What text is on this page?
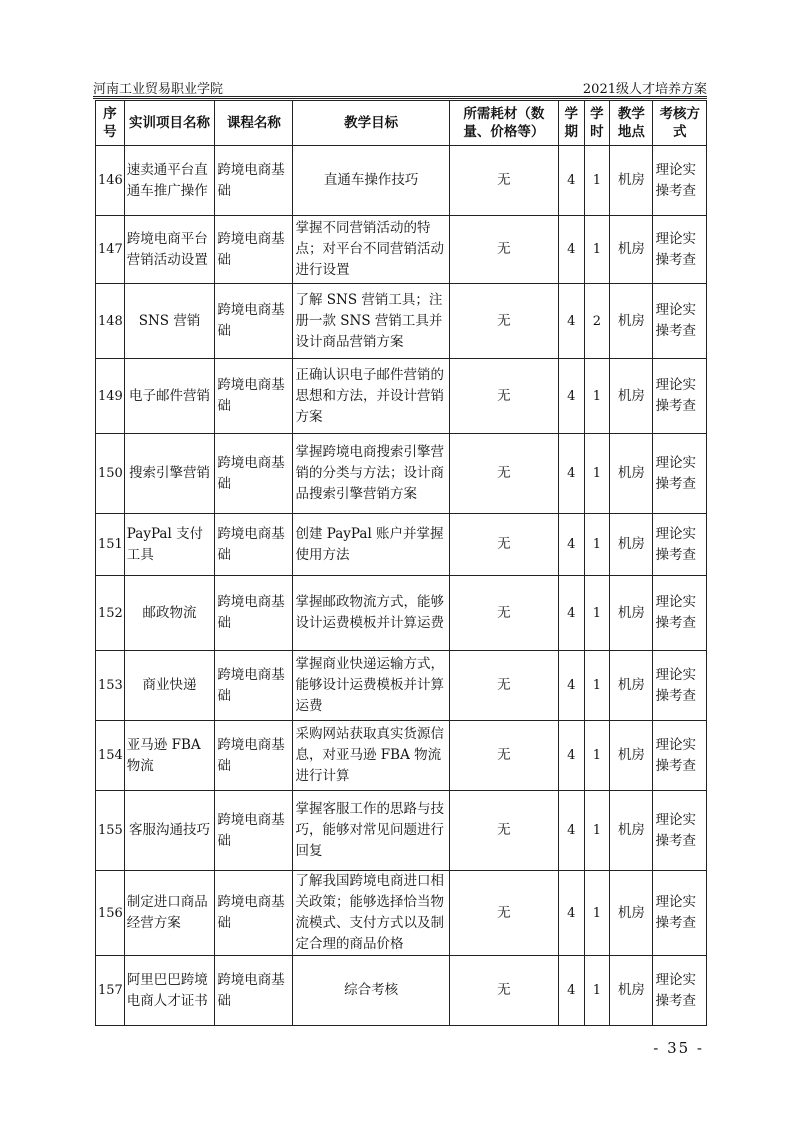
河南工业贸易职业学院	2021级人才培养方案
序号	实训项目名称	课程名称	教学目标	所需耗材（数量、价格等）	学期	学时	教学地点	考核方式
146	速卖通平台直通车推广操作	跨境电商基础	直通车操作技巧	无	4	1	机房	理论实操考查
147	跨境电商平台营销活动设置	跨境电商基础	掌握不同营销活动的特点；对平台不同营销活动进行设置	无	4	1	机房	理论实操考查
148	SNS 营销	跨境电商基础	了解 SNS 营销工具；注册一款 SNS 营销工具并设计商品营销方案	无	4	2	机房	理论实操考查
149	电子邮件营销	跨境电商基础	正确认识电子邮件营销的思想和方法，并设计营销方案	无	4	1	机房	理论实操考查
150	搜索引擎营销	跨境电商基础	掌握跨境电商搜索引擎营销的分类与方法；设计商品搜索引擎营销方案	无	4	1	机房	理论实操考查
151	PayPal 支付工具	跨境电商基础	创建 PayPal 账户并掌握使用方法	无	4	1	机房	理论实操考查
152	邮政物流	跨境电商基础	掌握邮政物流方式，能够设计运费模板并计算运费	无	4	1	机房	理论实操考查
153	商业快递	跨境电商基础	掌握商业快递运输方式，能够设计运费模板并计算运费	无	4	1	机房	理论实操考查
154	亚马逊 FBA 物流	跨境电商基础	采购网站获取真实货源信息，对亚马逊 FBA 物流进行计算	无	4	1	机房	理论实操考查
155	客服沟通技巧	跨境电商基础	掌握客服工作的思路与技巧，能够对常见问题进行回复	无	4	1	机房	理论实操考查
156	制定进口商品经营方案	跨境电商基础	了解我国跨境电商进口相关政策；能够选择恰当物流模式、支付方式以及制定合理的商品价格	无	4	1	机房	理论实操考查
157	阿里巴巴跨境电商人才证书	跨境电商基础	综合考核	无	4	1	机房	理论实操考查
- 35 -
